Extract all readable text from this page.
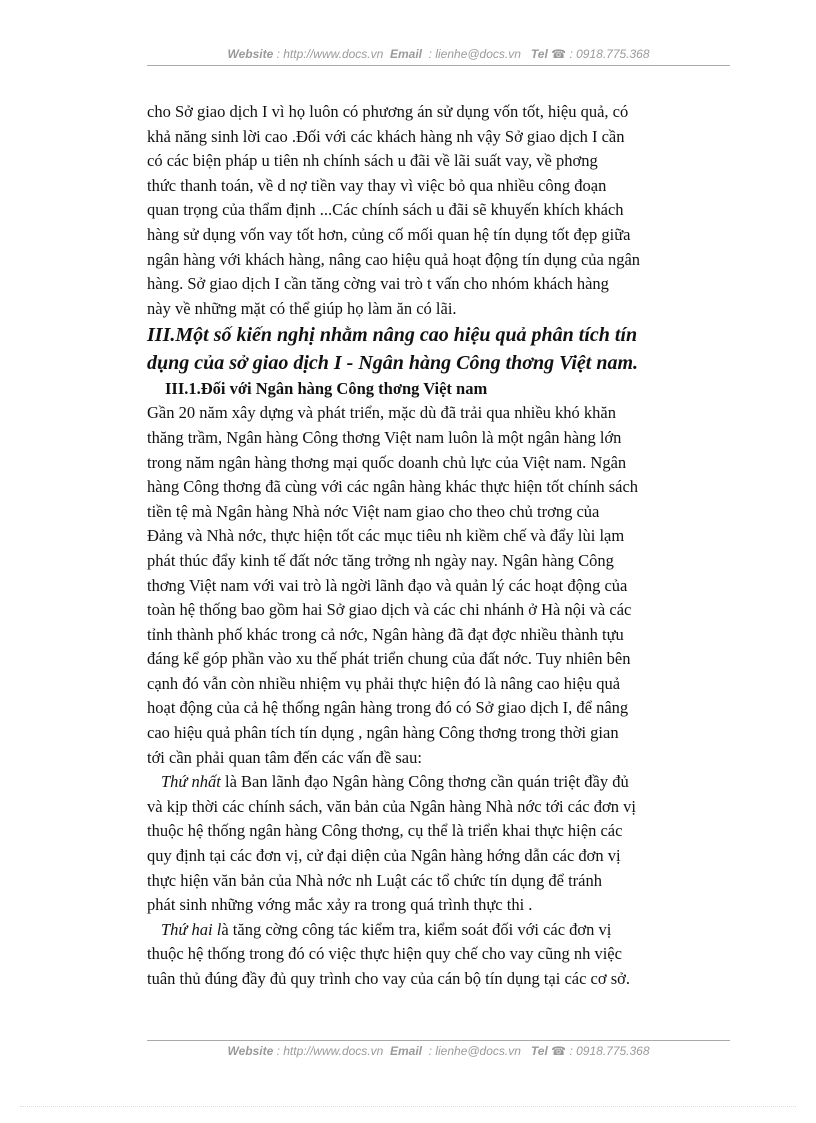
Website : http://www.docs.vn Email : lienhe@docs.vn Tel ☎ : 0918.775.368
cho Sở giao dịch I vì họ luôn có phương án sử dụng vốn tốt, hiệu quả, có
khả năng sinh lời cao .Đối với các khách hàng nh vậy Sở giao dịch I cần
có các biện pháp u tiên nh chính sách u đãi về lãi suất vay, về phơng
thức thanh toán, về d nợ tiền vay thay vì việc bỏ qua nhiều công đoạn
quan trọng của thẩm định ...Các chính sách u đãi sẽ khuyến khích khách
hàng sử dụng vốn vay tốt hơn, củng cố mối quan hệ tín dụng tốt đẹp giữa
ngân hàng với khách hàng, nâng cao hiệu quả hoạt động tín dụng của ngân
hàng. Sở giao dịch I cần tăng cờng vai trò t vấn cho nhóm khách hàng
này về những mặt có thể giúp họ làm ăn có lãi.
III.Một số kiến nghị nhằm nâng cao hiệu quả phân tích tín
dụng của sở giao dịch I - Ngân hàng Công thơng Việt nam.
III.1.Đối với Ngân hàng Công thơng Việt nam
Gần 20 năm xây dựng và phát triển, mặc dù đã trải qua nhiều khó khăn
thăng trầm, Ngân hàng Công thơng Việt nam luôn là một ngân hàng lớn
trong năm ngân hàng thơng mại quốc doanh chủ lực của Việt nam. Ngân
hàng Công thơng đã cùng với các ngân hàng khác thực hiện tốt chính sách
tiền tệ mà Ngân hàng Nhà nớc Việt nam giao cho theo chủ trơng của
Đảng và Nhà nớc, thực hiện tốt các mục tiêu nh kiềm chế và đẩy lùi lạm
phát thúc đẩy kinh tế đất nớc tăng trởng nh ngày nay. Ngân hàng Công
thơng Việt nam với vai trò là ngời lãnh đạo và quản lý các hoạt động của
toàn hệ thống bao gồm hai Sở giao dịch và các chi nhánh ở Hà nội và các
tỉnh thành phố khác trong cả nớc, Ngân hàng đã đạt đợc nhiều thành tựu
đáng kể góp phần vào xu thế phát triển chung của đất nớc. Tuy nhiên bên
cạnh đó vẫn còn nhiều nhiệm vụ phải thực hiện đó là nâng cao hiệu quả
hoạt động của cả hệ thống ngân hàng trong đó có Sở giao dịch I, để nâng
cao hiệu quả phân tích tín dụng , ngân hàng Công thơng trong thời gian
tới cần phải quan tâm đến các vấn đề sau:
Thứ nhất là Ban lãnh đạo Ngân hàng Công thơng cần quán triệt đầy đủ
và kịp thời các chính sách, văn bản của Ngân hàng Nhà nớc tới các đơn vị
thuộc hệ thống ngân hàng Công thơng, cụ thể là triển khai thực hiện các
quy định tại các đơn vị, cử đại diện của Ngân hàng hớng dẫn các đơn vị
thực hiện văn bản của Nhà nớc nh Luật các tổ chức tín dụng để tránh
phát sinh những vớng mắc xảy ra trong quá trình thực thi .
Thứ hai là tăng cờng công tác kiểm tra, kiểm soát đối với các đơn vị
thuộc hệ thống trong đó có việc thực hiện quy chế cho vay cũng nh việc
tuân thủ đúng đầy đủ quy trình cho vay của cán bộ tín dụng tại các cơ sở.
Website : http://www.docs.vn Email : lienhe@docs.vn Tel ☎ : 0918.775.368
